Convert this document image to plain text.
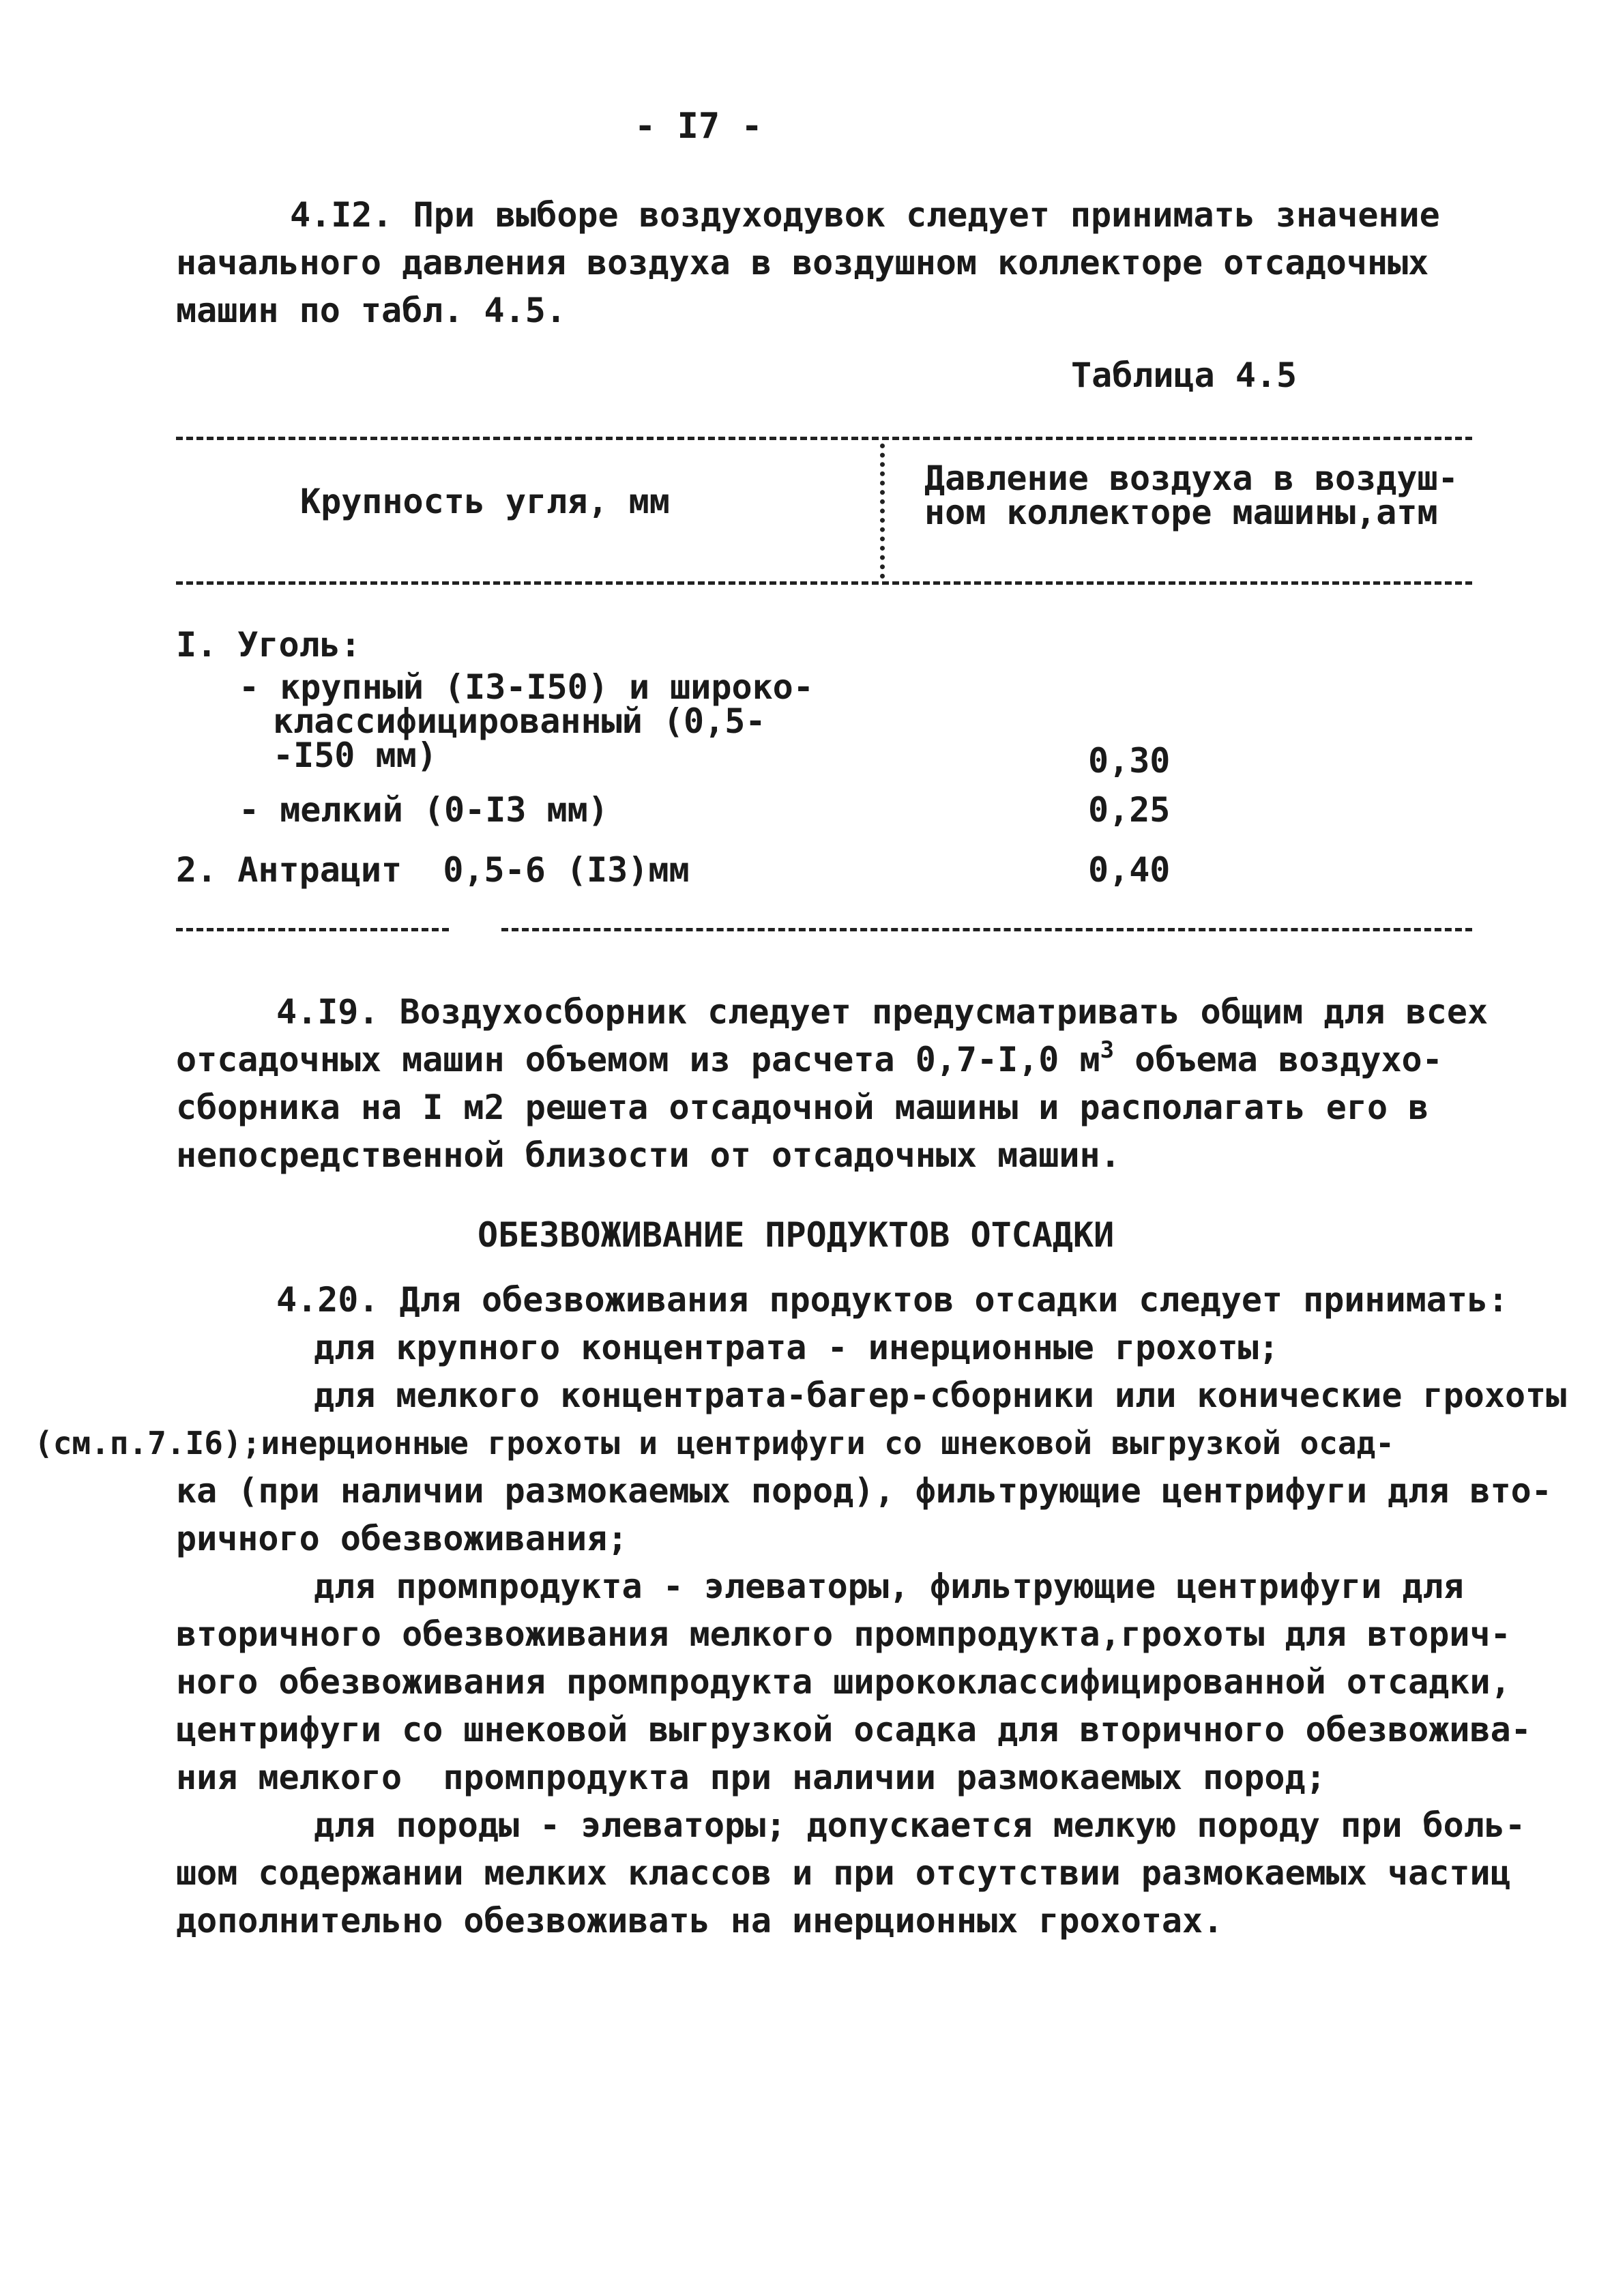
- I7 -
4.I2. При выборе воздуходувок следует принимать значение
начального давления воздуха в воздушном коллекторе отсадочных
машин по табл. 4.5.
Таблица 4.5
Крупность угля, мм
Давление воздуха в воздуш-
ном коллекторе машины,атм
I. Уголь:
- крупный (I3-I50) и широко-
классифицированный (0,5-
-I50 мм)	0,30
- мелкий (0-I3 мм)	0,25
2. Антрацит  0,5-6 (I3)мм	0,40
4.I9. Воздухосборник следует предусматривать общим для всех
отсадочных машин объемом из расчета 0,7-I,0 $м^3$ объема воздухо-
сборника на I м2 решета отсадочной машины и располагать его в
непосредственной близости от отсадочных машин.
ОБЕЗВОЖИВАНИЕ ПРОДУКТОВ ОТСАДКИ
4.20. Для обезвоживания продуктов отсадки следует принимать:
для крупного концентрата - инерционные грохоты;
для мелкого концентрата-багер-сборники или конические грохоты
(см.п.7.I6);инерционные грохоты и центрифуги со шнековой выгрузкой осад-
ка (при наличии размокаемых пород), фильтрующие центрифуги для вто-
ричного обезвоживания;
для промпродукта - элеваторы, фильтрующие центрифуги для
вторичного обезвоживания мелкого промпродукта,грохоты для вторич-
ного обезвоживания промпродукта ширококлассифицированной отсадки,
центрифуги со шнековой выгрузкой осадка для вторичного обезвожива-
ния мелкого  промпродукта при наличии размокаемых пород;
для породы - элеваторы; допускается мелкую породу при боль-
шом содержании мелких классов и при отсутствии размокаемых частиц
дополнительно обезвоживать на инерционных грохотах.
